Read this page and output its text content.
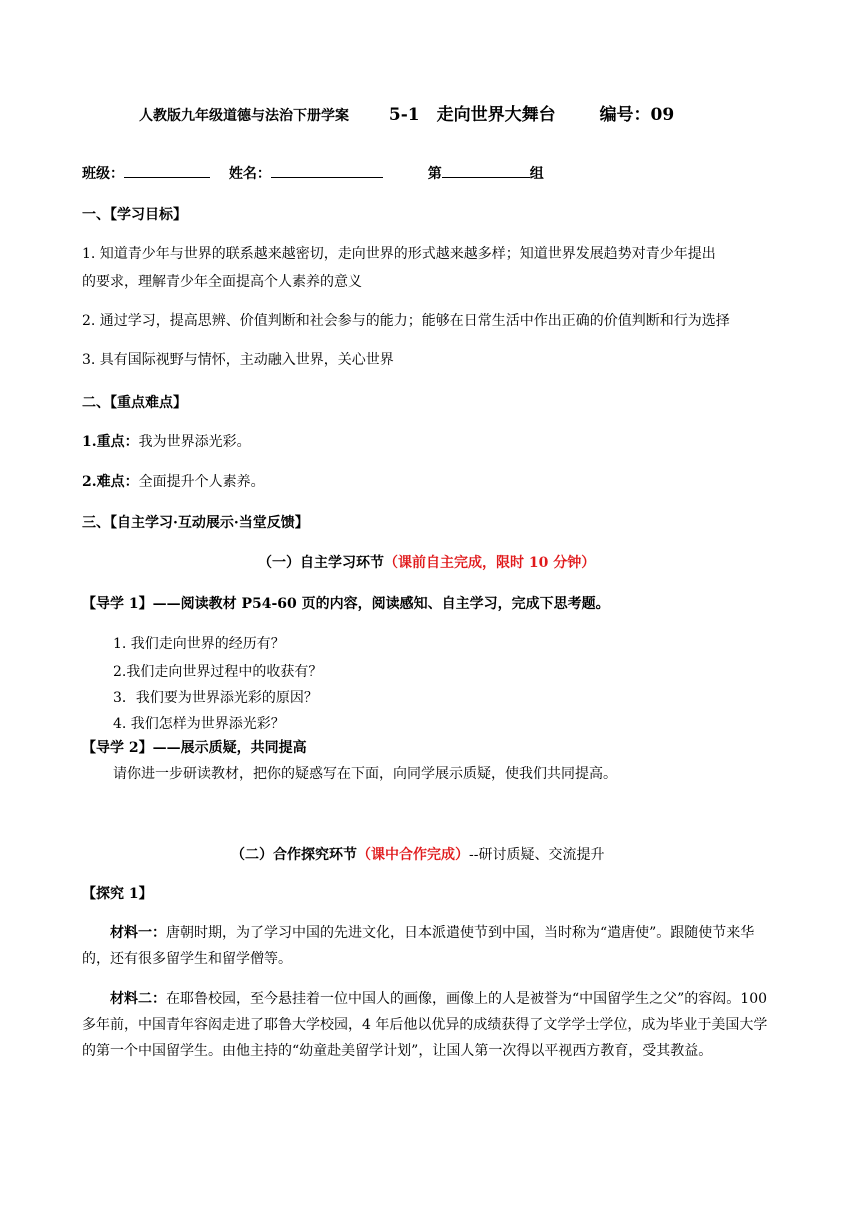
人教版九年级道德与法治下册学案 5-1　走向世界大舞台	编号：09
班级：	姓名：	第	组
一、【学习目标】
1. 知道青少年与世界的联系越来越密切，走向世界的形式越来越多样；知道世界发展趋势对青少年提出
的要求，理解青少年全面提高个人素养的意义
2. 通过学习，提高思辨、价值判断和社会参与的能力；能够在日常生活中作出正确的价值判断和行为选择
3. 具有国际视野与情怀，主动融入世界，关心世界
二、【重点难点】
1.重点：我为世界添光彩。
2.难点：全面提升个人素养。
三、【自主学习·互动展示·当堂反馈】
（一）自主学习环节（课前自主完成，限时 10 分钟）
【导学 1】——阅读教材 P54-60 页的内容，阅读感知、自主学习，完成下思考题。
1. 我们走向世界的经历有？
2.我们走向世界过程中的收获有？
3．我们要为世界添光彩的原因？
4. 我们怎样为世界添光彩？
【导学 2】——展示质疑，共同提高
请你进一步研读教材，把你的疑惑写在下面，向同学展示质疑，使我们共同提高。
（二）合作探究环节（课中合作完成）--研讨质疑、交流提升
【探究 1】
材料一：唐朝时期，为了学习中国的先进文化，日本派遣使节到中国，当时称为“遣唐使”。跟随使节来华的，还有很多留学生和留学僧等。
材料二：在耶鲁校园，至今悬挂着一位中国人的画像，画像上的人是被誉为“中国留学生之父”的容闳。100 多年前，中国青年容闳走进了耶鲁大学校园，4 年后他以优异的成绩获得了文学学士学位，成为毕业于美国大学的第一个中国留学生。由他主持的“幼童赴美留学计划”，让国人第一次得以平视西方教育，受其教益。
